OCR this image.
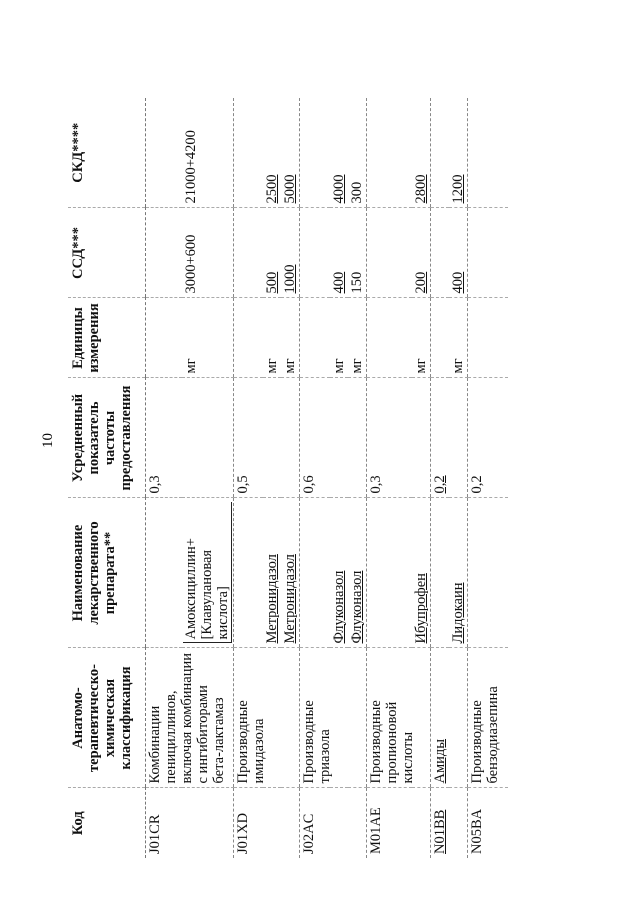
10
Код	Анатомо-терапевтическо-химическая классификация	Наименование лекарственного препарата**	Усредненный показатель частоты предоставления	Единицы измерения	ССД***	СКД****
J01CR	Комбинации пенициллинов, включая комбинации с ингибиторами бета-лактамаз		0,3			
		Амоксициллин+ [Клавулановая кислота]		мг	3000+600	21000+4200
J01XD	Производные имидазола		0,5			
		Метронидазол		мг	500	2500
		Метронидазол		мг	1000	5000
J02AC	Производные триазола		0,6			
		Флуконазол		мг	400	4000
		Флуконазол		мг	150	300
M01AE	Производные пропионовой кислоты		0,3			
		Ибупрофен		мг	200	2800
N01BB	Амиды		0,2			
		Лидокаин		мг	400	1200
N05BA	Производные бензодиазепина		0,2			
